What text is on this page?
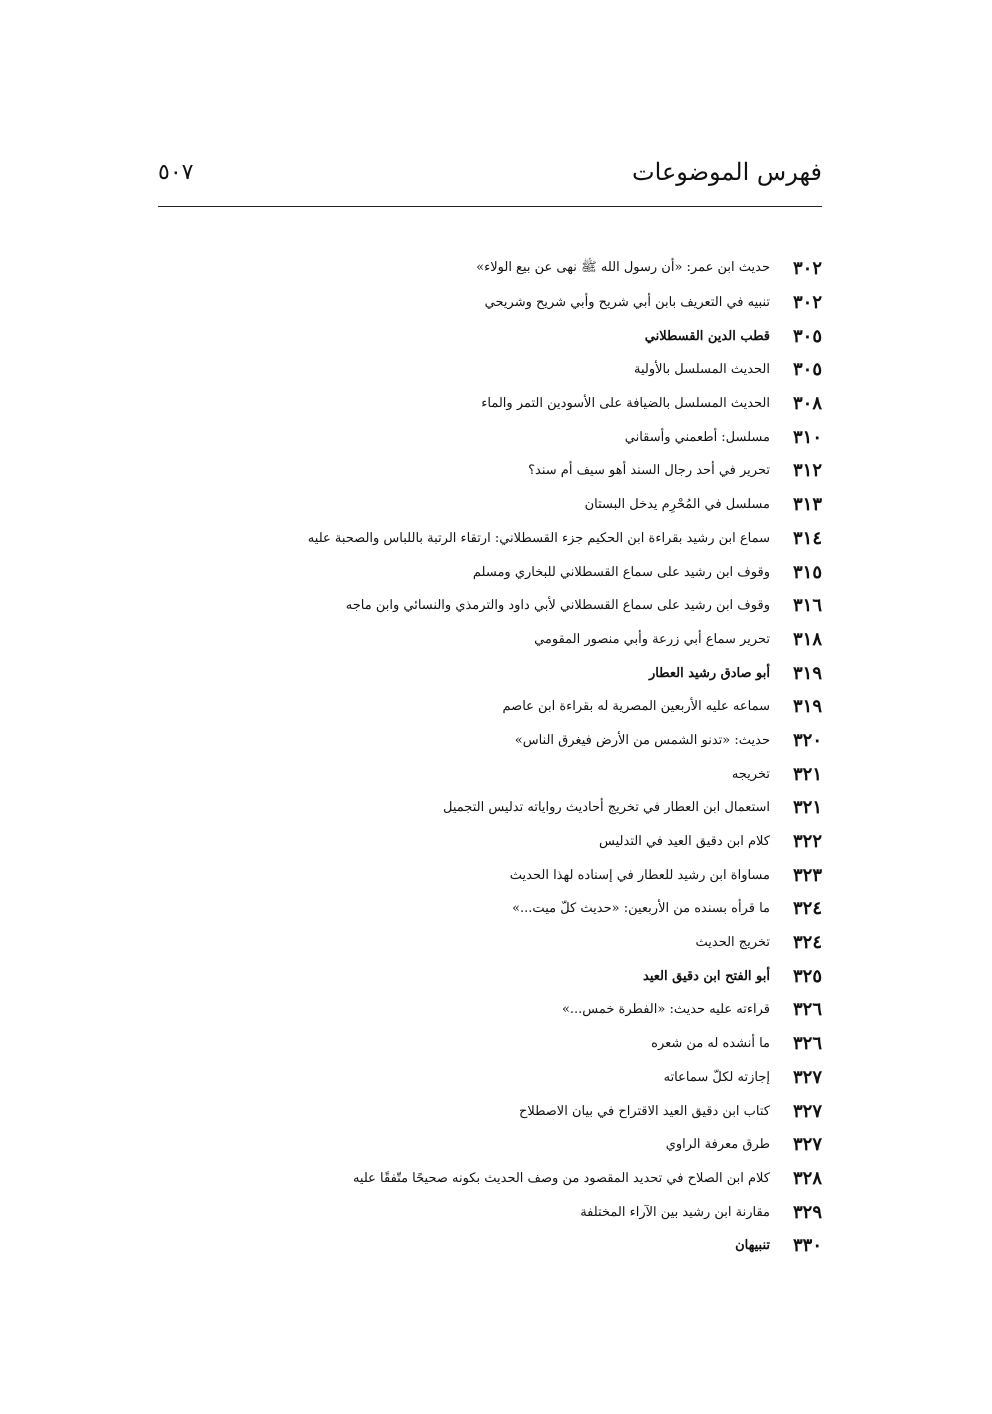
فهرس الموضوعات
٥٠٧
٣٠٢
حديث ابن عمر: «أن رسول الله ﷺ نهى عن بيع الولاء»
٣٠٢
تنبيه في التعريف بابن أبي شريح وأبي شريح وشريحي
٣٠٥
قطب الدين القسطلاني
٣٠٥
الحديث المسلسل بالأولية
٣٠٨
الحديث المسلسل بالضيافة على الأسودين التمر والماء
٣١٠
مسلسل: أطعمني وأسقاني
٣١٢
تحرير في أحد رجال السند أهو سيف أم سند؟
٣١٣
مسلسل في المُحْرِم يدخل البستان
٣١٤
سماع ابن رشيد بقراءة ابن الحكيم جزء القسطلاني: ارتقاء الرتبة باللباس والصحبة عليه
٣١٥
وقوف ابن رشيد على سماع القسطلاني للبخاري ومسلم
٣١٦
وقوف ابن رشيد على سماع القسطلاني لأبي داود والترمذي والنسائي وابن ماجه
٣١٨
تحرير سماع أبي زرعة وأبي منصور المقومي
٣١٩
أبو صادق رشيد العطار
٣١٩
سماعه عليه الأربعين المصرية له بقراءة ابن عاصم
٣٢٠
حديث: «تدنو الشمس من الأرض فيغرق الناس»
٣٢١
تخريجه
٣٢١
استعمال ابن العطار في تخريج أحاديث رواياته تدليس التجميل
٣٢٢
كلام ابن دقيق العيد في التدليس
٣٢٣
مساواة ابن رشيد للعطار في إسناده لهذا الحديث
٣٢٤
ما قرأه بسنده من الأربعين: «حديث كلّ ميت...»
٣٢٤
تخريج الحديث
٣٢٥
أبو الفتح ابن دقيق العيد
٣٢٦
قراءته عليه حديث: «الفطرة خمس...»
٣٢٦
ما أنشده له من شعره
٣٢٧
إجازته لكلّ سماعاته
٣٢٧
كتاب ابن دقيق العيد الاقتراح في بيان الاصطلاح
٣٢٧
طرق معرفة الراوي
٣٢٨
كلام ابن الصلاح في تحديد المقصود من وصف الحديث بكونه صحيحًا متّفقًا عليه
٣٢٩
مقارنة ابن رشيد بين الآراء المختلفة
٣٣٠
تنبيهان
